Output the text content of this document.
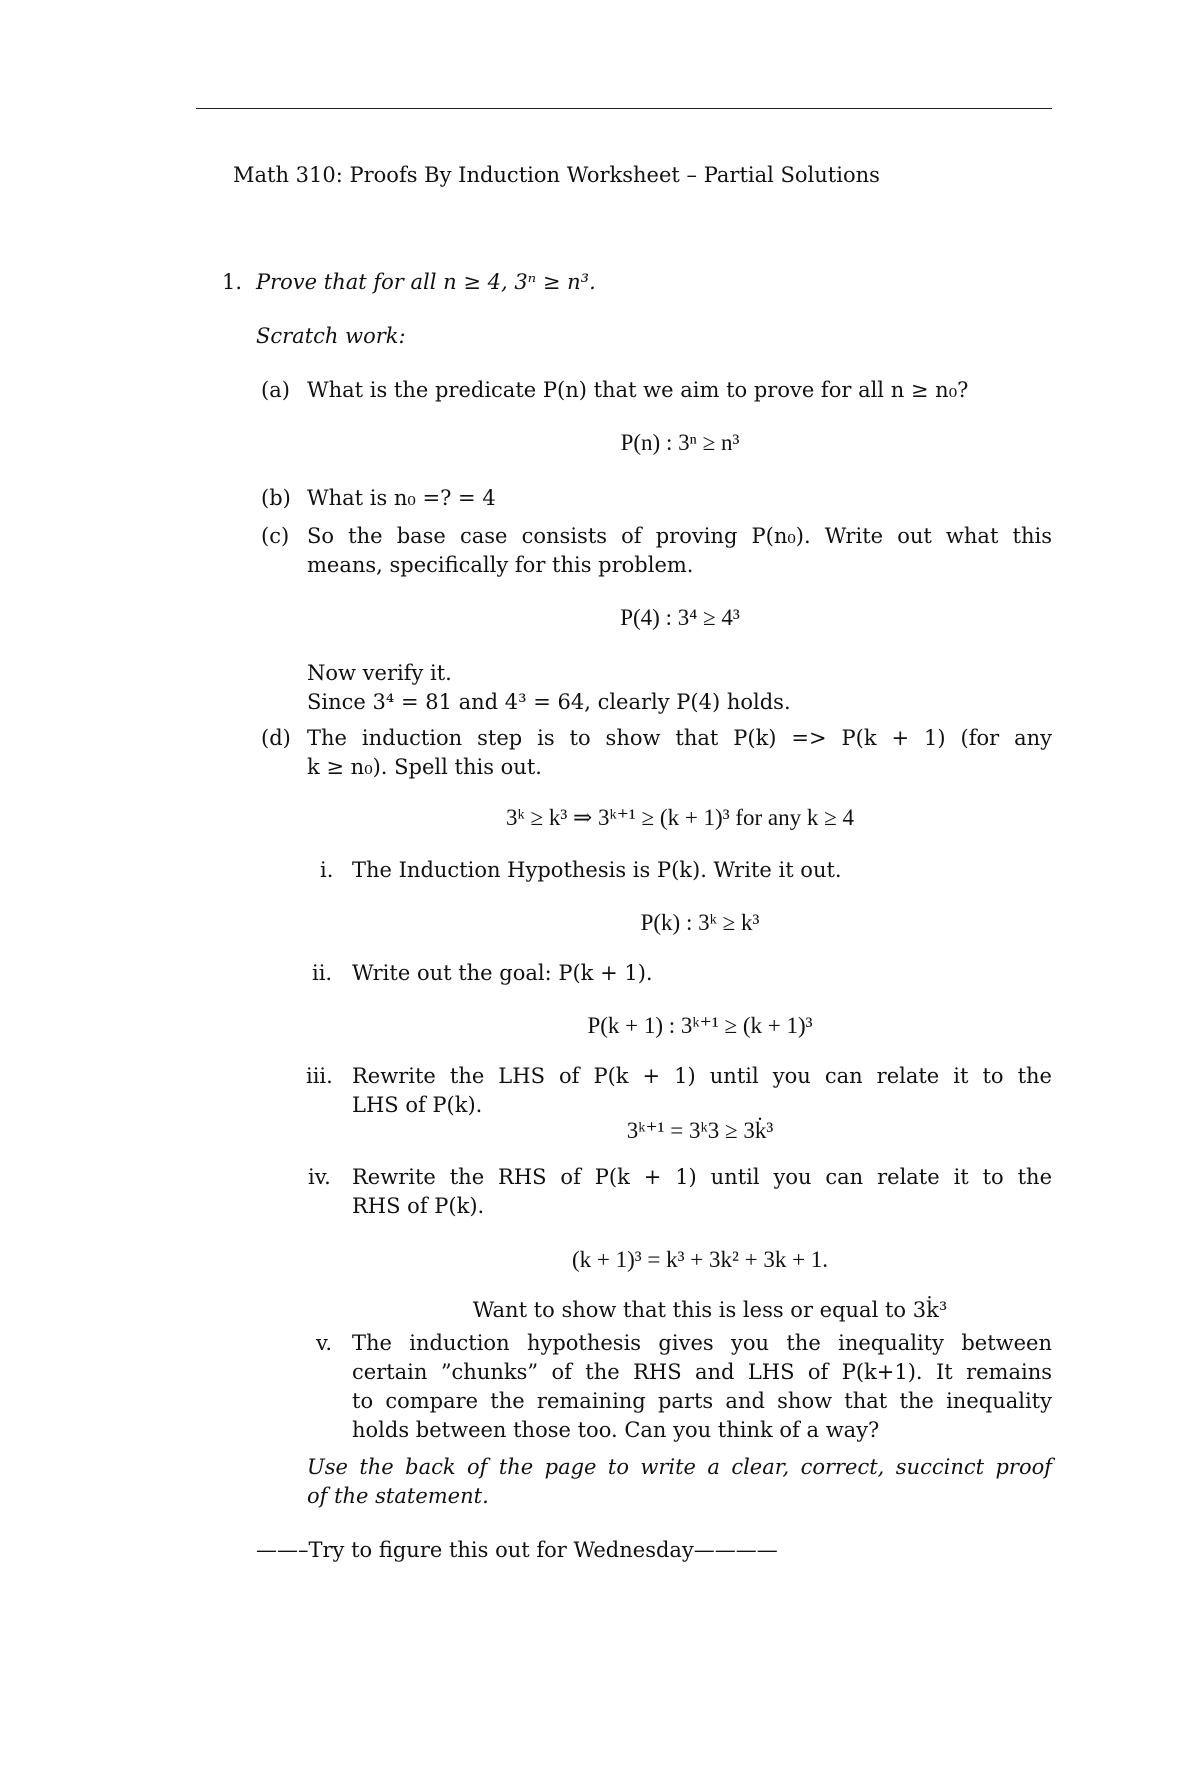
Math 310: Proofs By Induction Worksheet – Partial Solutions
1. Prove that for all n ≥ 4, 3ⁿ ≥ n³.
Scratch work:
(a) What is the predicate P(n) that we aim to prove for all n ≥ n₀?
P(n) : 3ⁿ ≥ n³
(b) What is n₀ =? = 4
(c) So the base case consists of proving P(n₀). Write out what this
means, specifically for this problem.
P(4) : 3⁴ ≥ 4³
Now verify it.
Since 3⁴ = 81 and 4³ = 64, clearly P(4) holds.
(d) The induction step is to show that P(k) => P(k + 1) (for any
k ≥ n₀). Spell this out.
3ᵏ ≥ k³ ⇒ 3ᵏ⁺¹ ≥ (k + 1)³ for any k ≥ 4
i. The Induction Hypothesis is P(k). Write it out.
P(k) : 3ᵏ ≥ k³
ii. Write out the goal: P(k + 1).
P(k + 1) : 3ᵏ⁺¹ ≥ (k + 1)³
iii. Rewrite the LHS of P(k + 1) until you can relate it to the
LHS of P(k).
3ᵏ⁺¹ = 3ᵏ3 ≥ 3k̇³
iv. Rewrite the RHS of P(k + 1) until you can relate it to the
RHS of P(k).
(k + 1)³ = k³ + 3k² + 3k + 1.
Want to show that this is less or equal to 3k̇³
v. The induction hypothesis gives you the inequality between
certain ”chunks” of the RHS and LHS of P(k+1). It remains
to compare the remaining parts and show that the inequality
holds between those too. Can you think of a way?
Use the back of the page to write a clear, correct, succinct proof
of the statement.
——–Try to figure this out for Wednesday————
